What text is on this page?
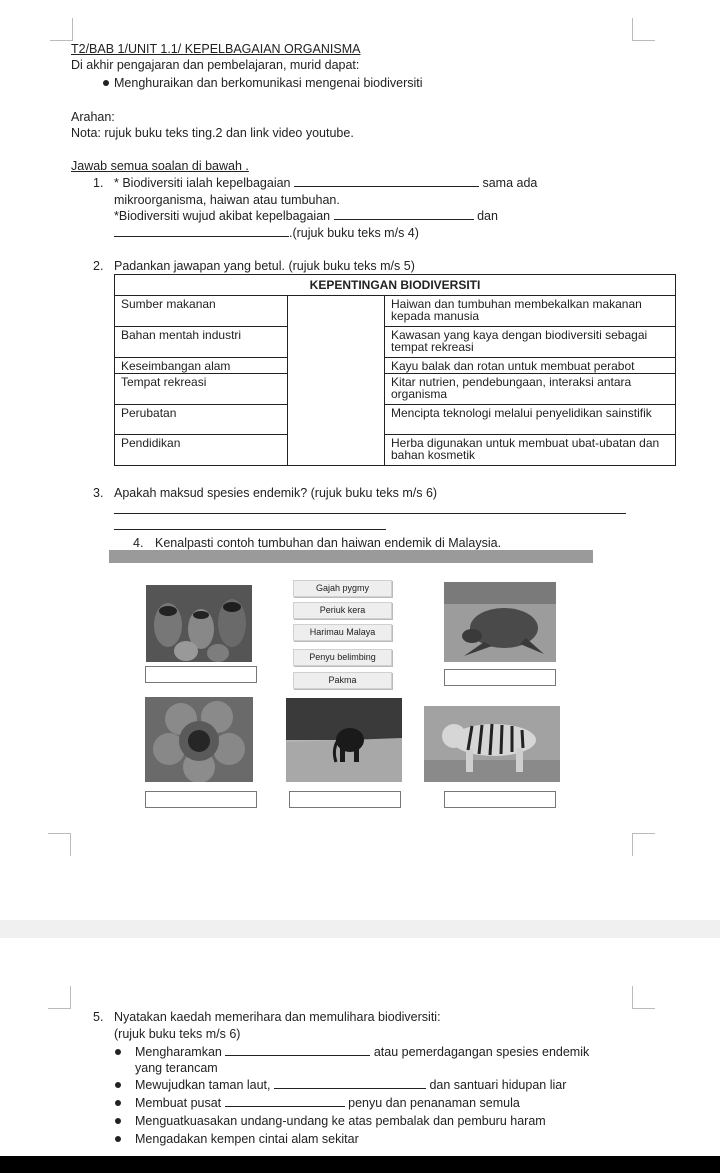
T2/BAB 1/UNIT 1.1/ KEPELBAGAIAN ORGANISMA
Di akhir pengajaran dan pembelajaran, murid dapat:
Menghuraikan dan berkomunikasi mengenai biodiversiti
Arahan:
Nota: rujuk buku teks ting.2 dan link video youtube.
Jawab semua soalan di bawah .
1. * Biodiversiti ialah kepelbagaian	sama ada
mikroorganisma, haiwan atau tumbuhan.
*Biodiversiti wujud akibat kepelbagaian	dan
.(rujuk buku teks m/s 4)
2. Padankan jawapan yang betul. (rujuk buku teks m/s 5)
KEPENTINGAN BIODIVERSITI		
Sumber makanan		Haiwan dan tumbuhan membekalkan makanan kepada manusia
Bahan mentah industri		Kawasan yang kaya dengan biodiversiti sebagai tempat rekreasi
Keseimbangan alam		Kayu balak dan rotan untuk membuat perabot
Tempat rekreasi		Kitar nutrien, pendebungaan, interaksi antara organisma
Perubatan		Mencipta teknologi melalui penyelidikan sainstifik
Pendidikan		Herba digunakan untuk membuat ubat-ubatan dan bahan kosmetik
3. Apakah maksud spesies endemik? (rujuk buku teks m/s 6)
4. Kenalpasti contoh tumbuhan dan haiwan endemik di Malaysia.
Gajah pygmy
Periuk kera
Harimau Malaya
Penyu belimbing
Pakma
5. Nyatakan kaedah memerihara dan memulihara biodiversiti:
(rujuk buku teks m/s 6)
Mengharamkan	atau pemerdagangan spesies endemik
yang terancam
Mewujudkan taman laut,	dan santuari hidupan liar
Membuat pusat	penyu dan penanaman semula
Menguatkuasakan undang-undang ke atas pembalak dan pemburu haram
Mengadakan kempen cintai alam sekitar
